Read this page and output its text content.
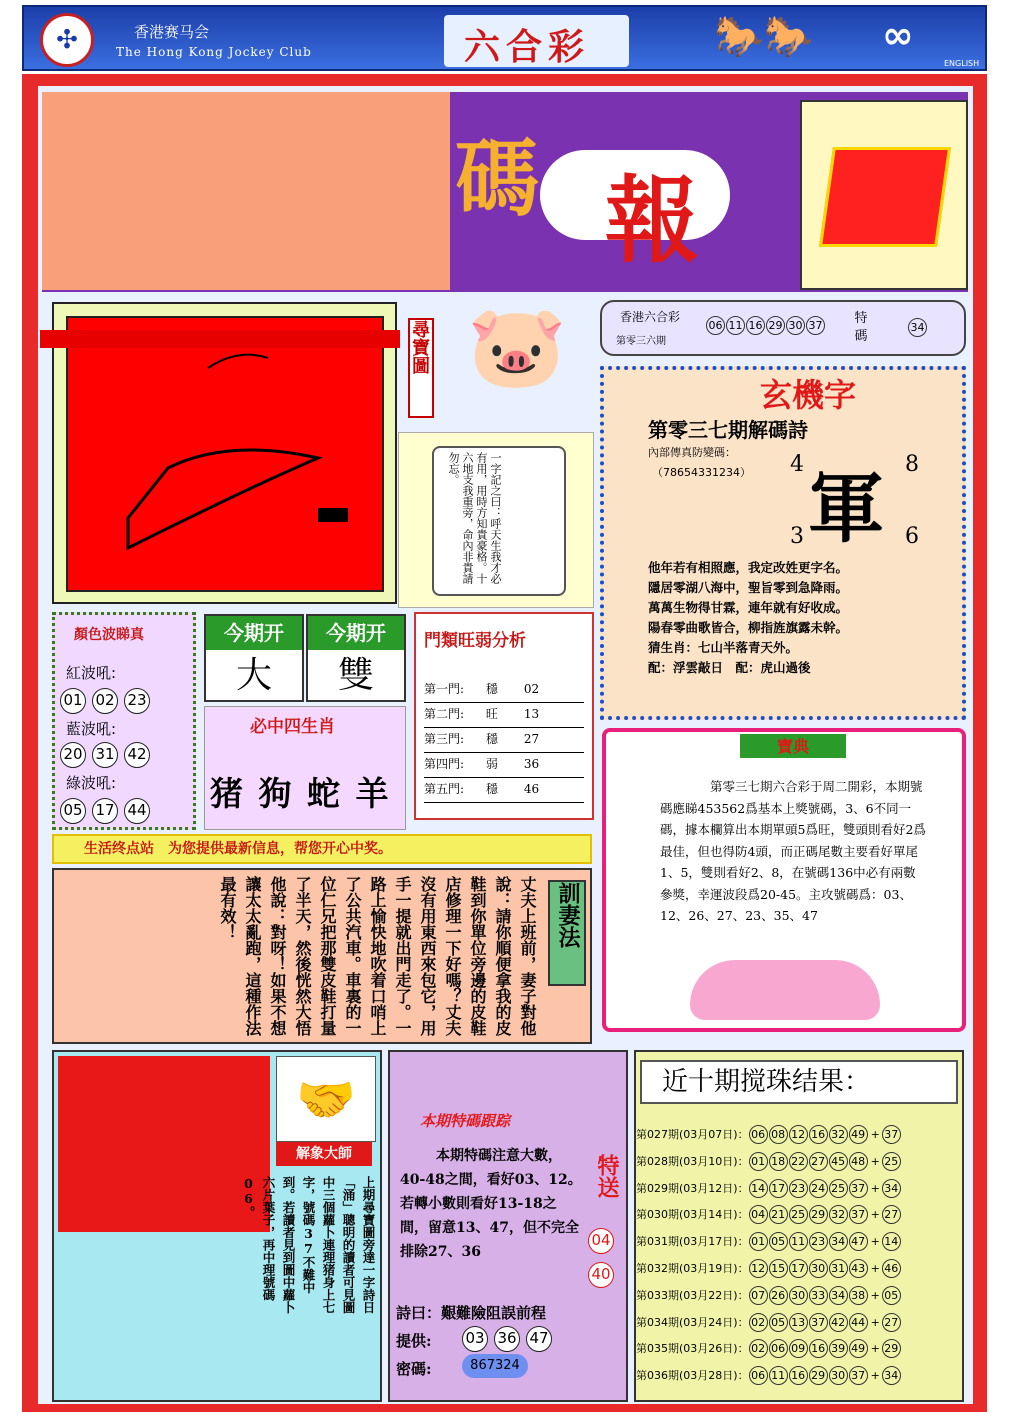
✣	香港赛马会
The Hong Kong Jockey Club	六合彩	🐎🐎 ∞
ENGLISH
碼 報
尋寶圖 🐷
一字記之曰：呼天生我才必有用，用時方知貴豪格。十六地支我重旁，命內非貴請勿忘。
香港六合彩
第零三六期
06 11 16 29 30 37	特碼
34
玄機字
第零三七期解碼詩
內部傳真防變碼：
（78654331234） 4	8
軍
3	6
他年若有相照應，我定改姓更字名。
隱居零湖八海中，聖旨零到急降雨。
萬萬生物得甘霖，連年就有好收成。
陽春零曲歌皆合，柳指旌旗露未幹。
猜生肖：七山半落青天外。
配：浮雲敲日　配：虎山過後
顏色波睇真
紅波吼:
01 02 23
藍波吼:
20 31 42
綠波吼:
05 17 44
今期开
大
今期开
雙
必中四生肖
猪 狗 蛇 羊
門類旺弱分析
第一門: 穩 02
第二門: 旺 13
第三門: 穩 27
第四門: 弱 36
第五門: 穩 46
寶典
第零三七期六合彩于周二開彩，本期號碼應睇453562爲基本上獎號碼，3、6不同一碼，據本欄算出本期單頭5爲旺，雙頭則看好2爲最佳，但也得防4頭，而正碼尾數主要看好單尾1、5，雙則看好2、8，在號碼136中必有兩數參獎，幸運波段爲20-45。主攻號碼爲：03、12、26、27、23、35、47
生活终点站　为您提供最新信息，帮您开心中奖。
訓妻法
丈夫上班前，妻子對他說：請你順便拿我的皮鞋到你單位旁邊的皮鞋店修理一下好嗎？丈夫沒有用東西來包它，用手一提就出門走了。一路上愉快地吹着口哨上了公共汽車。車裏的一位仁兄把那雙皮鞋打量了半天，然後恍然大悟他說：對呀！如果不想讓太太亂跑，這種作法最有效！
🤝
解象大師
上期尋寶圖旁達一字詩日「涌」聰明的讀者可見圖中三個蘿卜連理猪身上七字，號碼37不難中到。若讀者見到圖中蘿卜六片葉子，再中理號碼06。
本期特碼跟踪
本期特碼注意大數，40-48之間，看好03、12。若轉小數則看好13-18之間，留意13、47，但不完全排除27、36
特送
04
40
詩曰：艱難險阻誤前程
提供: 03 36 47
密碼:	867324
近十期搅珠结果：
第027期(03月07日)： 06 08 12 16 32 49 + 37
第028期(03月10日)： 01 18 22 27 45 48 + 25
第029期(03月12日)： 14 17 23 24 25 37 + 34
第030期(03月14日)： 04 21 25 29 32 37 + 27
第031期(03月17日)： 01 05 11 23 34 47 + 14
第032期(03月19日)： 12 15 17 30 31 43 + 46
第033期(03月22日)： 07 26 30 33 34 38 + 05
第034期(03月24日)： 02 05 13 37 42 44 + 27
第035期(03月26日)： 02 06 09 16 39 49 + 29
第036期(03月28日)： 06 11 16 29 30 37 + 34
